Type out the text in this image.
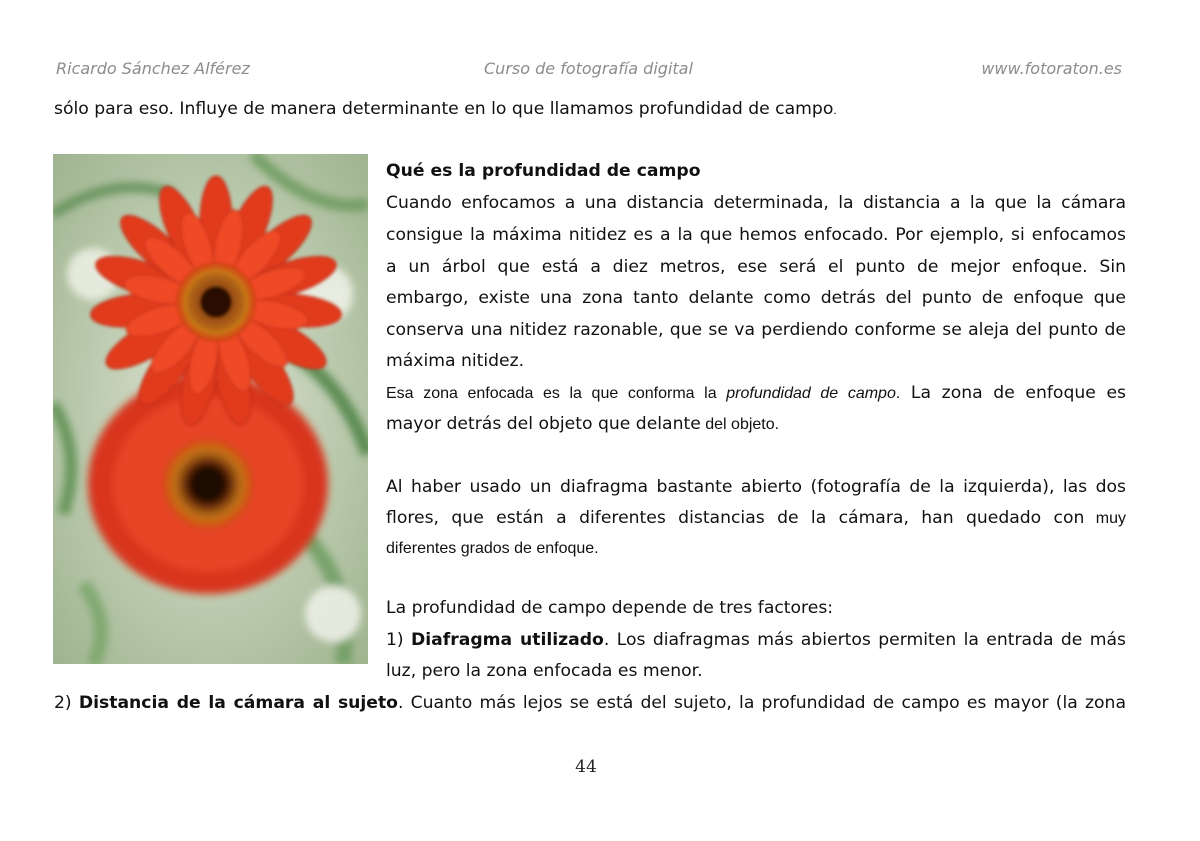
Ricardo Sánchez Alférez	Curso de fotografía digital	www.fotoraton.es
sólo para eso. Influye de manera determinante en lo que llamamos profundidad de campo.
Qué es la profundidad de campo
Cuando enfocamos a una distancia determinada, la distancia a la que la cámara
consigue la máxima nitidez es a la que hemos enfocado. Por ejemplo, si enfocamos
a un árbol que está a diez metros, ese será el punto de mejor enfoque. Sin
embargo, existe una zona tanto delante como detrás del punto de enfoque que
conserva una nitidez razonable, que se va perdiendo conforme se aleja del punto de
máxima nitidez.
Esa zona enfocada es la que conforma la profundidad de campo. La zona de enfoque es
mayor detrás del objeto que delante del objeto.
Al haber usado un diafragma bastante abierto (fotografía de la izquierda), las dos
flores, que están a diferentes distancias de la cámara, han quedado con muy
diferentes grados de enfoque.
La profundidad de campo depende de tres factores:
1) Diafragma utilizado. Los diafragmas más abiertos permiten la entrada de más
luz, pero la zona enfocada es menor.
2) Distancia de la cámara al sujeto. Cuanto más lejos se está del sujeto, la profundidad de campo es mayor (la zona
44
